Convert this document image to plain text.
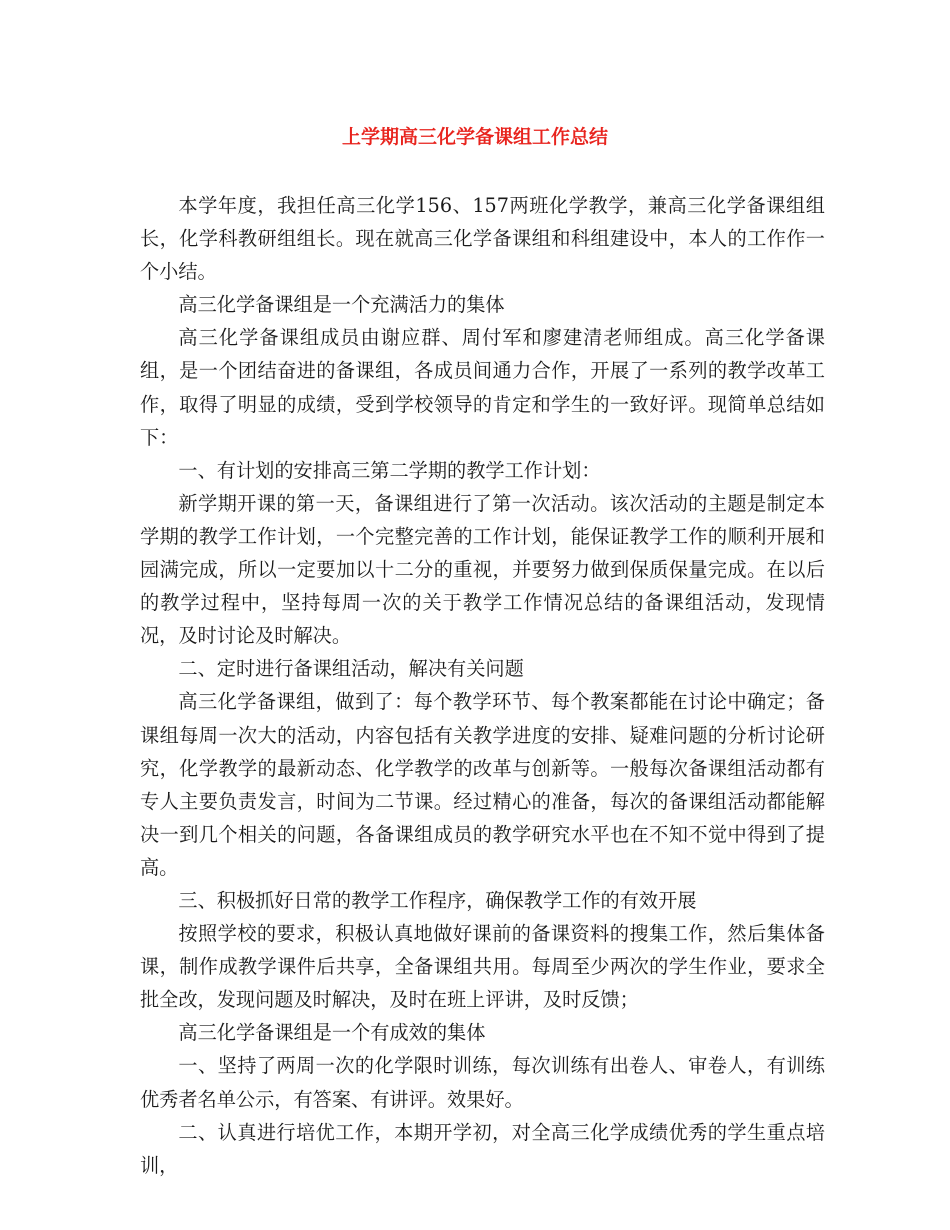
上学期高三化学备课组工作总结

本学年度，我担任高三化学156、157两班化学教学，兼高三化学备课组组长，化学科教研组组长。现在就高三化学备课组和科组建设中，本人的工作作一个小结。

高三化学备课组是一个充满活力的集体

高三化学备课组成员由谢应群、周付军和廖建清老师组成。高三化学备课组，是一个团结奋进的备课组，各成员间通力合作，开展了一系列的教学改革工作，取得了明显的成绩，受到学校领导的肯定和学生的一致好评。现简单总结如下：

一、有计划的安排高三第二学期的教学工作计划：

新学期开课的第一天，备课组进行了第一次活动。该次活动的主题是制定本学期的教学工作计划，一个完整完善的工作计划，能保证教学工作的顺利开展和园满完成，所以一定要加以十二分的重视，并要努力做到保质保量完成。在以后的教学过程中，坚持每周一次的关于教学工作情况总结的备课组活动，发现情况，及时讨论及时解决。

二、定时进行备课组活动，解决有关问题

高三化学备课组，做到了：每个教学环节、每个教案都能在讨论中确定；备课组每周一次大的活动，内容包括有关教学进度的安排、疑难问题的分析讨论研究，化学教学的最新动态、化学教学的改革与创新等。一般每次备课组活动都有专人主要负责发言，时间为二节课。经过精心的准备，每次的备课组活动都能解决一到几个相关的问题，各备课组成员的教学研究水平也在不知不觉中得到了提高。

三、积极抓好日常的教学工作程序，确保教学工作的有效开展

按照学校的要求，积极认真地做好课前的备课资料的搜集工作，然后集体备课，制作成教学课件后共享，全备课组共用。每周至少两次的学生作业，要求全批全改，发现问题及时解决，及时在班上评讲，及时反馈；

高三化学备课组是一个有成效的集体

一、坚持了两周一次的化学限时训练，每次训练有出卷人、审卷人，有训练优秀者名单公示，有答案、有讲评。效果好。

二、认真进行培优工作，本期开学初，对全高三化学成绩优秀的学生重点培训，
